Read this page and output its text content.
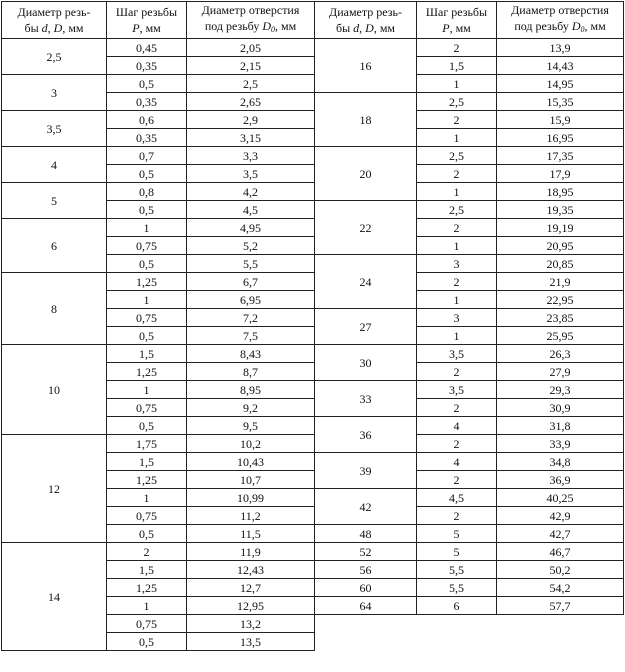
Диаметр резь-
бы d, D, мм	Шаг резьбы
P, мм	Диаметр отверстия
под резьбу $D_0$, мм

2,5	0,45	2,05
	0,35	2,15
3	0,5	2,5
	0,35	2,65
3,5	0,6	2,9
	0,35	3,15
4	0,7	3,3
	0,5	3,5
5	0,8	4,2
	0,5	4,5
6	1	4,95
	0,75	5,2
	0,5	5,5
8	1,25	6,7
	1	6,95
	0,75	7,2
	0,5	7,5
10	1,5	8,43
	1,25	8,7
	1	8,95
	0,75	9,2
	0,5	9,5
12	1,75	10,2
	1,5	10,43
	1,25	10,7
	1	10,99
	0,75	11,2
	0,5	11,5
14	2	11,9
	1,5	12,43
	1,25	12,7
	1	12,95
	0,75	13,2
	0,5	13,5
Диаметр резь-
бы d, D, мм	Шаг резьбы
P, мм	Диаметр отверстия
под резьбу $D_0$, мм

16	2	13,9
	1,5	14,43
	1	14,95
18	2,5	15,35
	2	15,9
	1	16,95
20	2,5	17,35
	2	17,9
	1	18,95
22	2,5	19,35
	2	19,19
	1	20,95
24	3	20,85
	2	21,9
	1	22,95
27	3	23,85
	1	25,95
30	3,5	26,3
	2	27,9
33	3,5	29,3
	2	30,9
36	4	31,8
	2	33,9
39	4	34,8
	2	36,9
42	4,5	40,25
	2	42,9
48	5	42,7
52	5	46,7
56	5,5	50,2
60	5,5	54,2
64	6	57,7
